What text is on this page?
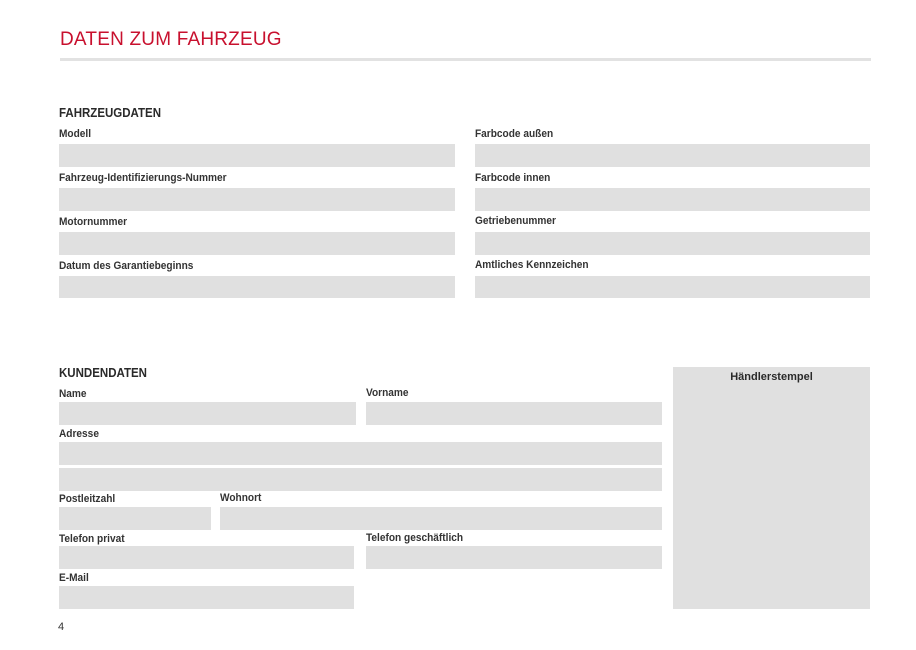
DATEN ZUM FAHRZEUG
FAHRZEUGDATEN
Modell	Farbcode außen
Fahrzeug-Identifizierungs-Nummer	Farbcode innen
Motornummer	Getriebenummer
Datum des Garantiebeginns	Amtliches Kennzeichen
KUNDENDATEN
Name	Vorname
Adresse
Postleitzahl	Wohnort
Telefon privat	Telefon geschäftlich
E-Mail
Händlerstempel
4
